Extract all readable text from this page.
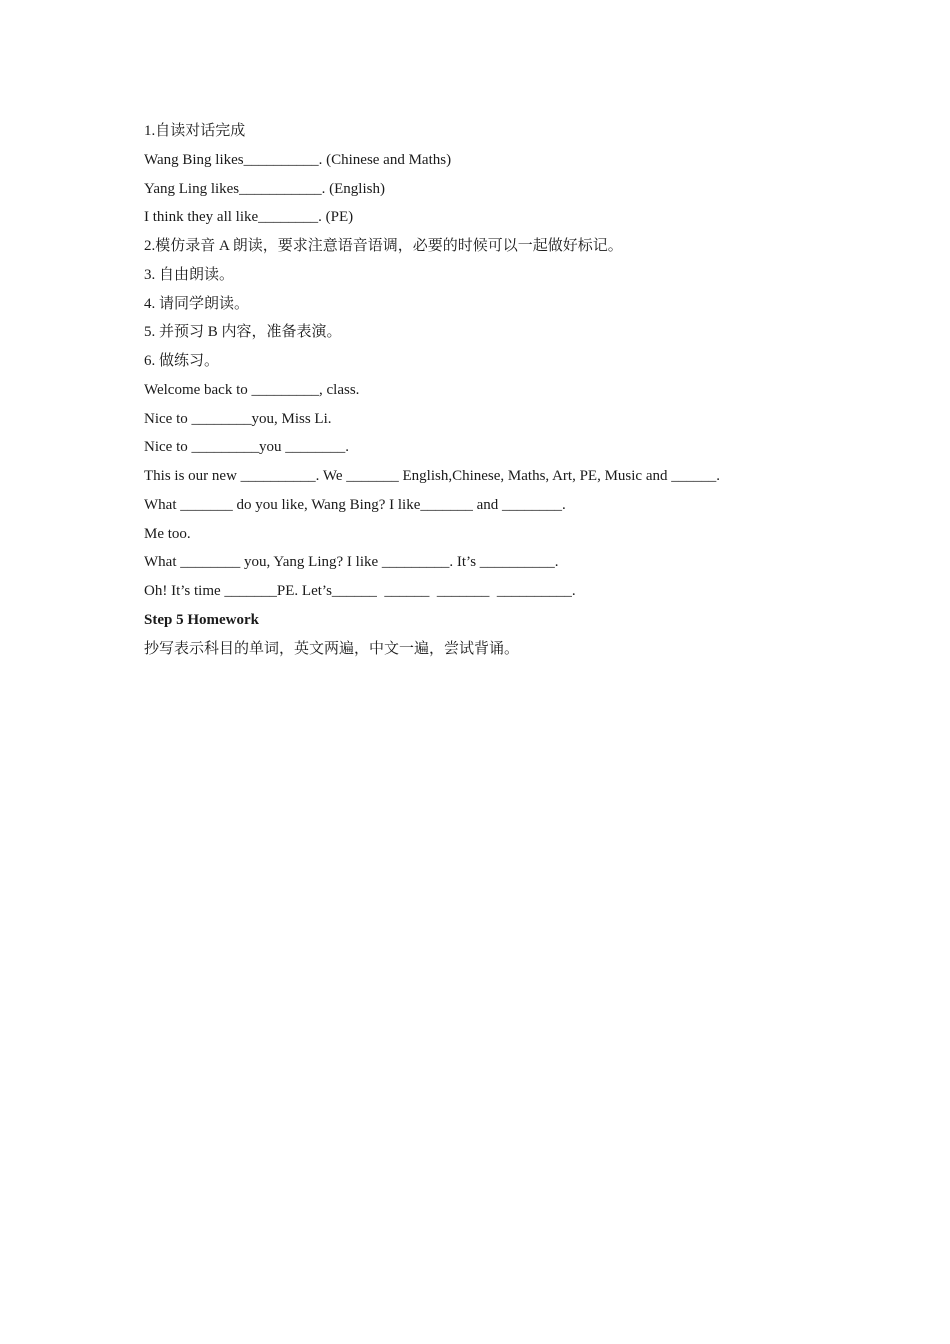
1.自读对话完成
Wang Bing likes__________. (Chinese and Maths)
Yang Ling likes___________. (English)
I think they all like________. (PE)
2.模仿录音 A 朗读，要求注意语音语调，必要的时候可以一起做好标记。
3. 自由朗读。
4. 请同学朗读。
5. 并预习 B 内容，准备表演。
6. 做练习。
Welcome back to _________, class.
Nice to ________you, Miss Li.
Nice to _________you ________.
This is our new __________. We _______ English,Chinese, Maths, Art, PE, Music and ______.
What _______ do you like, Wang Bing? I like_______ and ________.
Me too.
What ________ you, Yang Ling? I like _________. It’s __________.
Oh! It’s time _______PE. Let’s______  ______  _______  __________.
Step 5 Homework
抄写表示科目的单词，英文两遍，中文一遍，尝试背诵。
